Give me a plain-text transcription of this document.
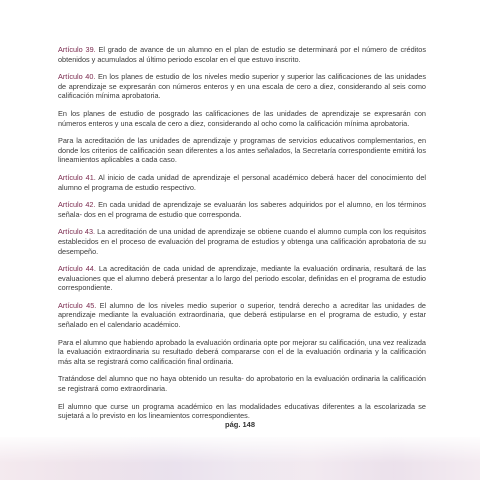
Artículo 39. El grado de avance de un alumno en el plan de estudio se determinará por el número de créditos obtenidos y acumulados al último periodo escolar en el que estuvo inscrito.

Artículo 40. En los planes de estudio de los niveles medio superior y superior las calificaciones de las unidades de aprendizaje se expresarán con números enteros y en una escala de cero a diez, considerando al seis como calificación mínima aprobatoria.

En los planes de estudio de posgrado las calificaciones de las unidades de aprendizaje se expresarán con números enteros y una escala de cero a diez, considerando al ocho como la calificación mínima aprobatoria.

Para la acreditación de las unidades de aprendizaje y programas de servicios educativos complementarios, en donde los criterios de calificación sean diferentes a los antes señalados, la Secretaría correspondiente emitirá los lineamientos aplicables a cada caso.

Artículo 41. Al inicio de cada unidad de aprendizaje el personal académico deberá hacer del conocimiento del alumno el programa de estudio respectivo.

Artículo 42. En cada unidad de aprendizaje se evaluarán los saberes adquiridos por el alumno, en los términos señala- dos en el programa de estudio que corresponda.

Artículo 43. La acreditación de una unidad de aprendizaje se obtiene cuando el alumno cumpla con los requisitos establecidos en el proceso de evaluación del programa de estudios y obtenga una calificación aprobatoria de su desempeño.

Artículo 44. La acreditación de cada unidad de aprendizaje, mediante la evaluación ordinaria, resultará de las evaluaciones que el alumno deberá presentar a lo largo del periodo escolar, definidas en el programa de estudio correspondiente.

Artículo 45. El alumno de los niveles medio superior o superior, tendrá derecho a acreditar las unidades de aprendizaje mediante la evaluación extraordinaria, que deberá estipularse en el programa de estudio, y estar señalado en el calendario académico.

Para el alumno que habiendo aprobado la evaluación ordinaria opte por mejorar su calificación, una vez realizada la evaluación extraordinaria su resultado deberá compararse con el de la evaluación ordinaria y la calificación más alta se registrará como calificación final ordinaria.

Tratándose del alumno que no haya obtenido un resulta- do aprobatorio en la evaluación ordinaria la calificación se registrará como extraordinaria.

El alumno que curse un programa académico en las modalidades educativas diferentes a la escolarizada se sujetará a lo previsto en los lineamientos correspondientes.

pág. 148
